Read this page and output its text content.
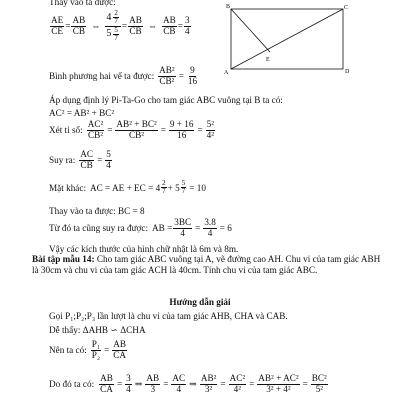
Thay vào ta được:
$\frac{AE}{CE} = \frac{AB}{CB}$ ⇔ $\frac{4 \frac{2}{7}}{5 \frac{5}{7}} = \frac{AB}{CB}$ ⇔ $\frac{AB}{CB} = \frac{3}{4}$
B	C
A	D
E
Bình phương hai vế ta được: $\frac{\text{AB²}}{\text{CB²}} = \frac{9}{16}$
Áp dụng định lý Pi-Ta-Go cho tam giác ABC vuông tại B ta có:
AC² = AB² + BC²
Xét tỉ số: $\frac{\text{AC²}}{\text{CB²}} = \frac{\text{AB² + BC²}}{\text{CB²}} = \frac{9 + 16}{16} = \frac{\text{5²}}{\text{4²}}$
Suy ra: $\frac{AC}{CB} = \frac{5}{4}$
Mặt khác: AC = AE + EC = $4 \frac{2}{7} + 5 \frac{5}{7} = 10$
Thay vào ta được: BC = 8
Từ đó ta cũng suy ra được: AB = $\frac{3BC}{4} = \frac{3.8}{4} = 6$
Vậy các kích thước của hình chữ nhật là 6m và 8m.
Bài tập mẫu 14: Cho tam giác ABC vuông tại A, vẽ đường cao AH. Chu vi của tam giác ABH là 30cm và chu vi của tam giác ACH là 40cm. Tính chu vi của tam giác ABC.
Hướng dẫn giải
Gọi P₁;P₂;P₃ lần lượt là chu vi của tam giác AHB, CHA và CAB.
Dễ thấy: ΔAHB ∽ ΔCHA
Nên ta có: $\frac{\text{P₁}}{\text{P₂}} = \frac{AB}{CA}$
Do đó ta có: $\frac{AB}{CA} = \frac{3}{4}$ ⇒ $\frac{AB}{3} = \frac{AC}{4}$ ⇒ $\frac{\text{AB²}}{\text{3²}} = \frac{\text{AC²}}{\text{4²}} = \frac{\text{AB² + AC²}}{\text{3² + 4²}} = \frac{\text{BC²}}{\text{5²}}$
